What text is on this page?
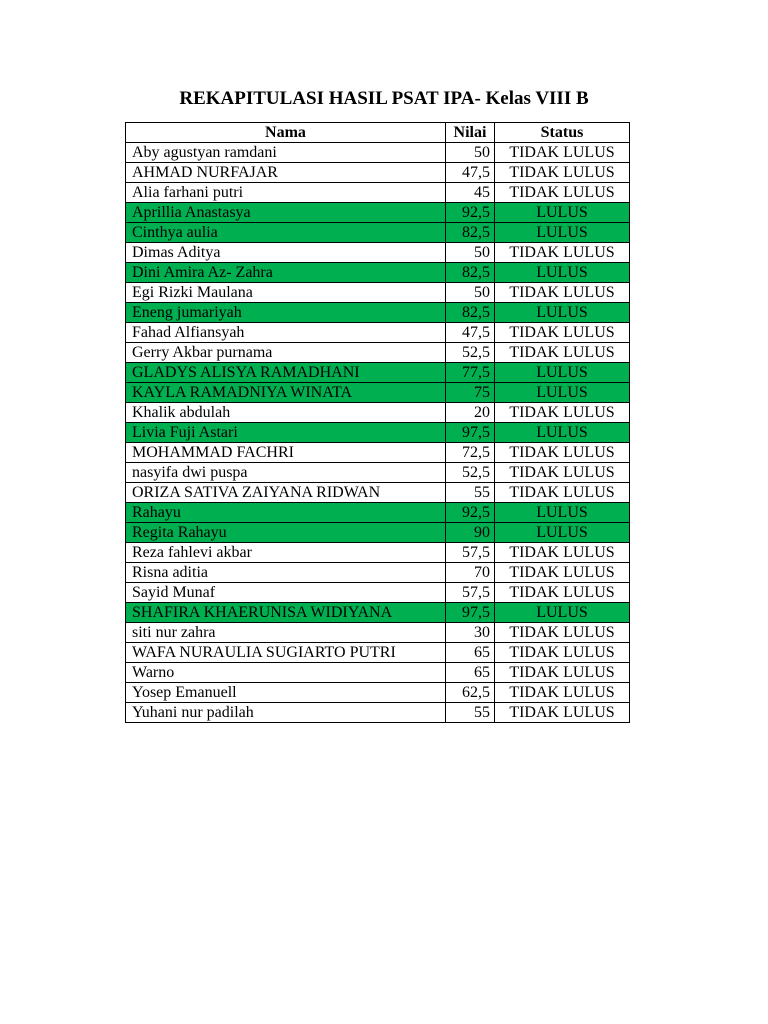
REKAPITULASI HASIL PSAT IPA- Kelas VIII B
Nama	Nilai	Status
Aby agustyan ramdani	50	TIDAK LULUS
AHMAD NURFAJAR	47,5	TIDAK LULUS
Alia farhani putri	45	TIDAK LULUS
Aprillia Anastasya	92,5	LULUS
Cinthya aulia	82,5	LULUS
Dimas Aditya	50	TIDAK LULUS
Dini Amira Az- Zahra	82,5	LULUS
Egi Rizki Maulana	50	TIDAK LULUS
Eneng jumariyah	82,5	LULUS
Fahad Alfiansyah	47,5	TIDAK LULUS
Gerry Akbar purnama	52,5	TIDAK LULUS
GLADYS ALISYA RAMADHANI	77,5	LULUS
KAYLA RAMADNIYA WINATA	75	LULUS
Khalik abdulah	20	TIDAK LULUS
Livia Fuji Astari	97,5	LULUS
MOHAMMAD FACHRI	72,5	TIDAK LULUS
nasyifa dwi puspa	52,5	TIDAK LULUS
ORIZA SATIVA ZAIYANA RIDWAN	55	TIDAK LULUS
Rahayu	92,5	LULUS
Regita Rahayu	90	LULUS
Reza fahlevi akbar	57,5	TIDAK LULUS
Risna aditia	70	TIDAK LULUS
Sayid Munaf	57,5	TIDAK LULUS
SHAFIRA KHAERUNISA WIDIYANA	97,5	LULUS
siti nur zahra	30	TIDAK LULUS
WAFA NURAULIA SUGIARTO PUTRI	65	TIDAK LULUS
Warno	65	TIDAK LULUS
Yosep Emanuell	62,5	TIDAK LULUS
Yuhani nur padilah	55	TIDAK LULUS
